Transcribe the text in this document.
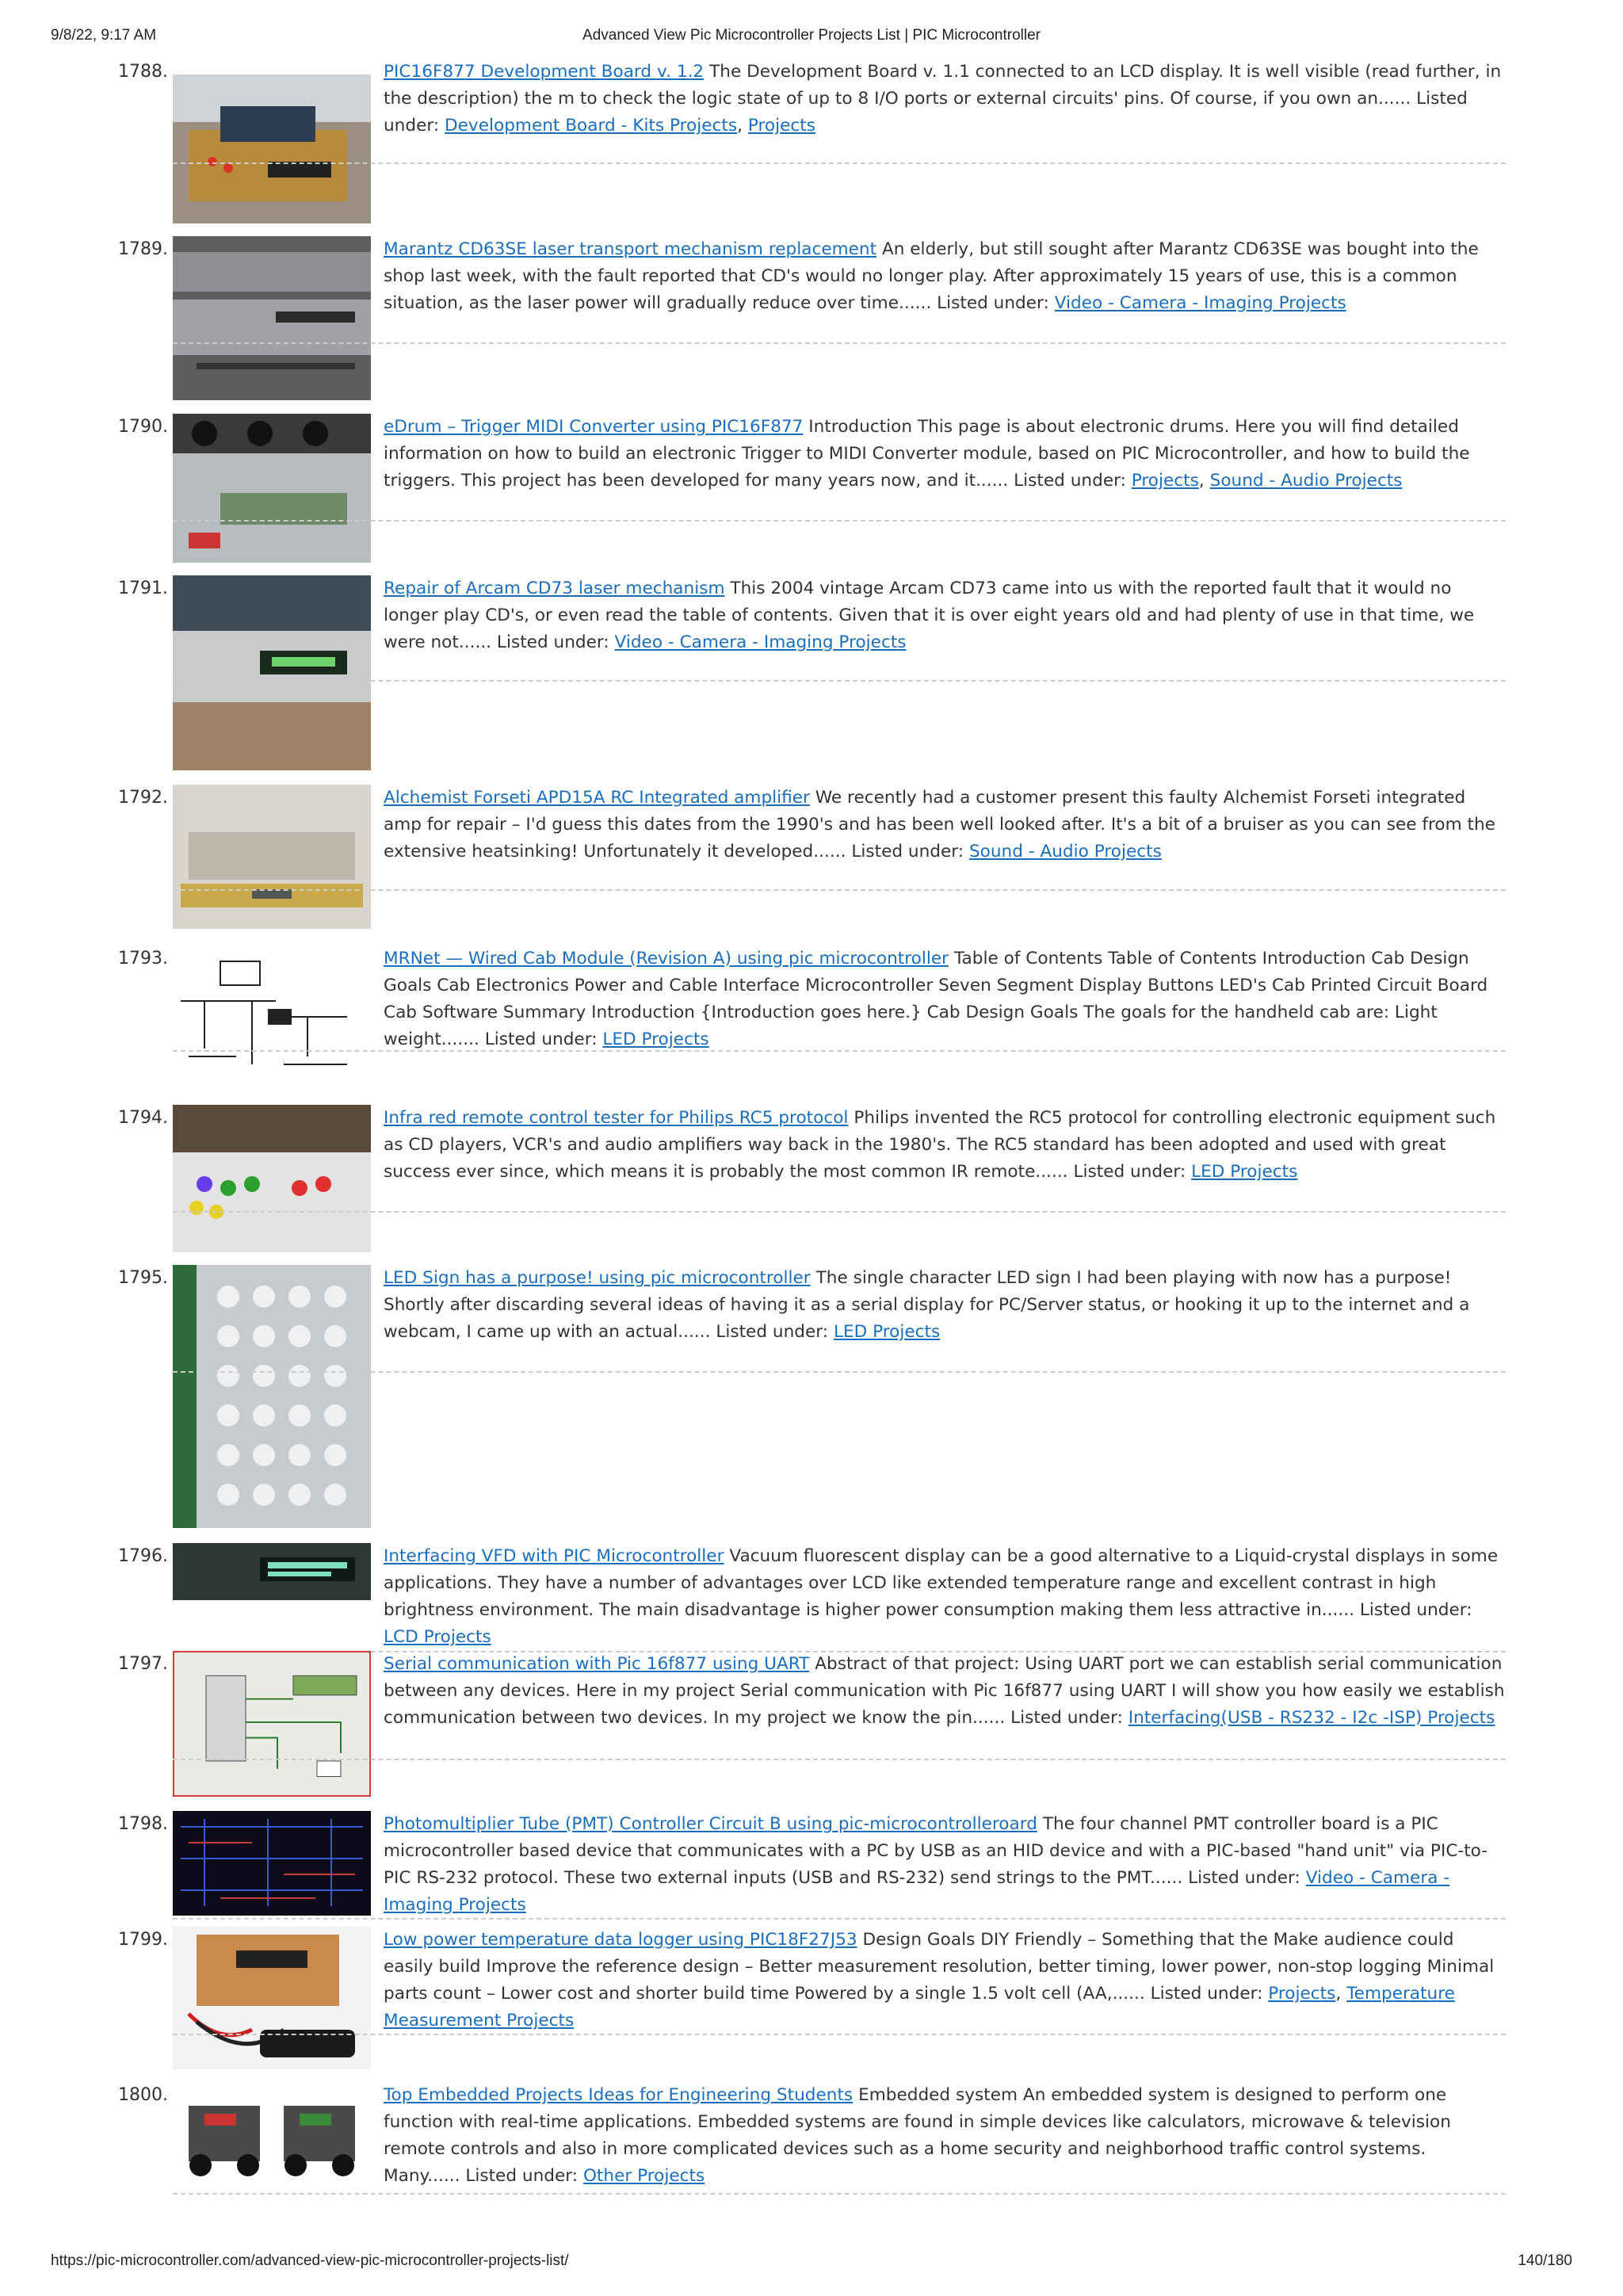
9/8/22, 9:17 AM	Advanced View Pic Microcontroller Projects List | PIC Microcontroller
1788.	PIC16F877 Development Board v. 1.2 The Development Board v. 1.1 connected to an LCD display. It is well visible (read further, in the description) the m to check the logic state of up to 8 I/O ports or external circuits' pins. Of course, if you own an...... Listed under: Development Board - Kits Projects, Projects
1789.	Marantz CD63SE laser transport mechanism replacement An elderly, but still sought after Marantz CD63SE was bought into the shop last week, with the fault reported that CD's would no longer play. After approximately 15 years of use, this is a common situation, as the laser power will gradually reduce over time...... Listed under: Video - Camera - Imaging Projects
1790.	eDrum – Trigger MIDI Converter using PIC16F877 Introduction This page is about electronic drums. Here you will find detailed information on how to build an electronic Trigger to MIDI Converter module, based on PIC Microcontroller, and how to build the triggers. This project has been developed for many years now, and it...... Listed under: Projects, Sound - Audio Projects
1791.	Repair of Arcam CD73 laser mechanism This 2004 vintage Arcam CD73 came into us with the reported fault that it would no longer play CD's, or even read the table of contents. Given that it is over eight years old and had plenty of use in that time, we were not...... Listed under: Video - Camera - Imaging Projects
1792.	Alchemist Forseti APD15A RC Integrated amplifier We recently had a customer present this faulty Alchemist Forseti integrated amp for repair – I'd guess this dates from the 1990's and has been well looked after. It's a bit of a bruiser as you can see from the extensive heatsinking! Unfortunately it developed...... Listed under: Sound - Audio Projects
1793.	MRNet — Wired Cab Module (Revision A) using pic microcontroller Table of Contents Table of Contents Introduction Cab Design Goals Cab Electronics Power and Cable Interface Microcontroller Seven Segment Display Buttons LED's Cab Printed Circuit Board Cab Software Summary Introduction {Introduction goes here.} Cab Design Goals The goals for the handheld cab are: Light weight....... Listed under: LED Projects
1794.	Infra red remote control tester for Philips RC5 protocol Philips invented the RC5 protocol for controlling electronic equipment such as CD players, VCR's and audio amplifiers way back in the 1980's. The RC5 standard has been adopted and used with great success ever since, which means it is probably the most common IR remote...... Listed under: LED Projects
1795.	LED Sign has a purpose! using pic microcontroller The single character LED sign I had been playing with now has a purpose! Shortly after discarding several ideas of having it as a serial display for PC/Server status, or hooking it up to the internet and a webcam, I came up with an actual...... Listed under: LED Projects
1796.	Interfacing VFD with PIC Microcontroller Vacuum fluorescent display can be a good alternative to a Liquid-crystal displays in some applications. They have a number of advantages over LCD like extended temperature range and excellent contrast in high brightness environment. The main disadvantage is higher power consumption making them less attractive in...... Listed under: LCD Projects
1797.	Serial communication with Pic 16f877 using UART Abstract of that project: Using UART port we can establish serial communication between any devices. Here in my project Serial communication with Pic 16f877 using UART I will show you how easily we establish communication between two devices. In my project we know the pin...... Listed under: Interfacing(USB - RS232 - I2c -ISP) Projects
1798.	Photomultiplier Tube (PMT) Controller Circuit B using pic-microcontrolleroard The four channel PMT controller board is a PIC microcontroller based device that communicates with a PC by USB as an HID device and with a PIC-based "hand unit" via PIC-to-PIC RS-232 protocol. These two external inputs (USB and RS-232) send strings to the PMT...... Listed under: Video - Camera - Imaging Projects
1799.	Low power temperature data logger using PIC18F27J53 Design Goals DIY Friendly – Something that the Make audience could easily build Improve the reference design – Better measurement resolution, better timing, lower power, non-stop logging Minimal parts count – Lower cost and shorter build time Powered by a single 1.5 volt cell (AA,...... Listed under: Projects, Temperature Measurement Projects
1800.	Top Embedded Projects Ideas for Engineering Students Embedded system An embedded system is designed to perform one function with real-time applications. Embedded systems are found in simple devices like calculators, microwave & television remote controls and also in more complicated devices such as a home security and neighborhood traffic control systems. Many...... Listed under: Other Projects
https://pic-microcontroller.com/advanced-view-pic-microcontroller-projects-list/	140/180
